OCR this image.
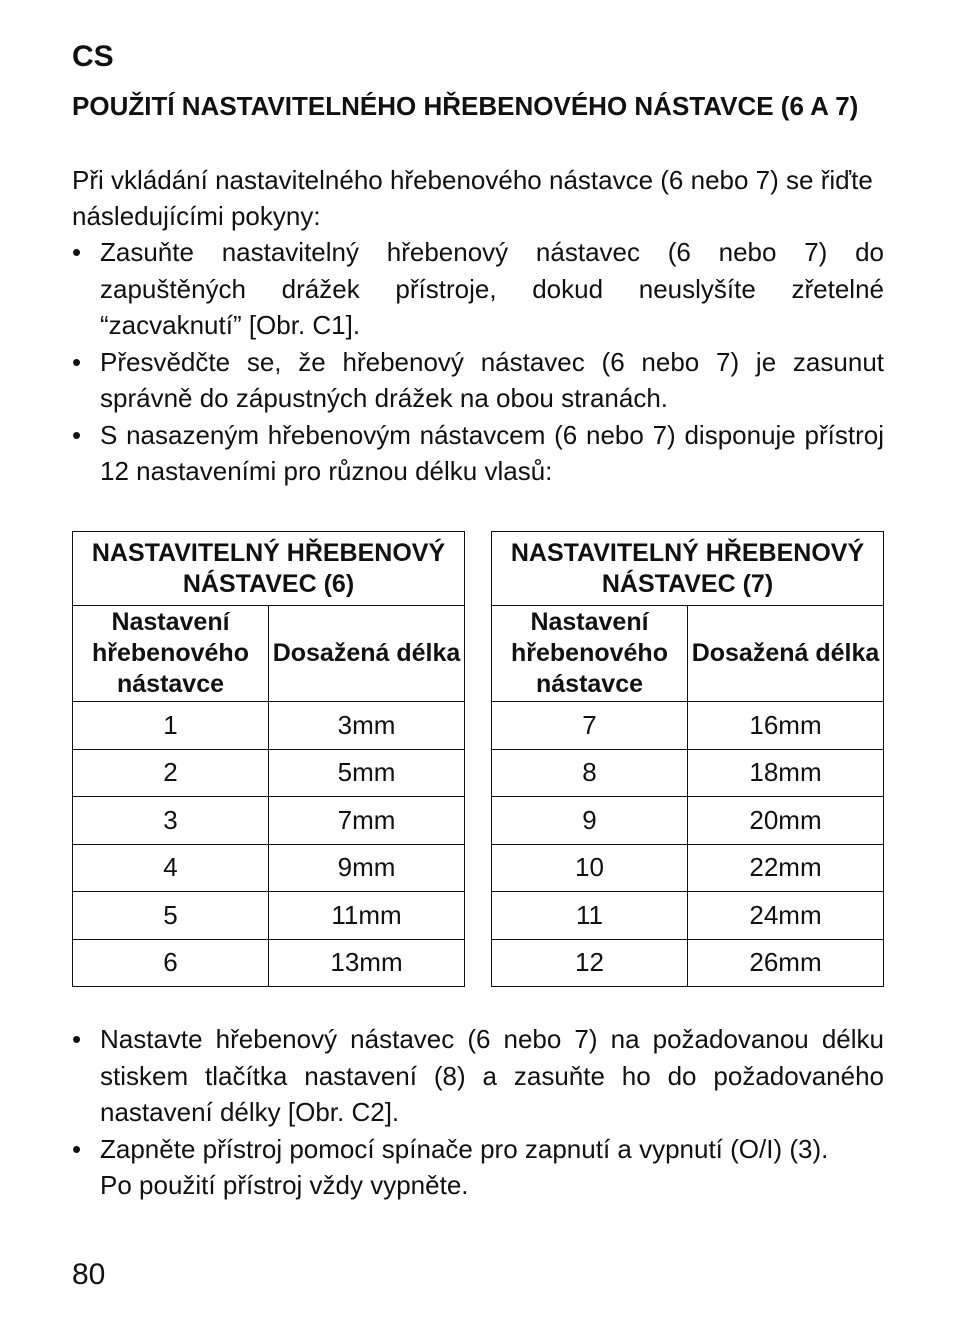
CS
POUŽITÍ NASTAVITELNÉHO HŘEBENOVÉHO NÁSTAVCE (6 A 7)
Při vkládání nastavitelného hřebenového nástavce (6 nebo 7) se řiďte následujícími pokyny:
• Zasuňte nastavitelný hřebenový nástavec (6 nebo 7) do zapuštěných drážek přístroje, dokud neuslyšíte zřetelné “zacvaknutí” [Obr. C1].
• Přesvědčte se, že hřebenový nástavec (6 nebo 7) je zasunut správně do zápustných drážek na obou stranách.
• S nasazeným hřebenovým nástavcem (6 nebo 7) disponuje přístroj 12 nastaveními pro různou délku vlasů:
NASTAVITELNÝ HŘEBENOVÝ NÁSTAVEC (6)	
Nastavení hřebenového nástavce	Dosažená délka
1	3mm
2	5mm
3	7mm
4	9mm
5	11mm
6	13mm
NASTAVITELNÝ HŘEBENOVÝ NÁSTAVEC (7)	
Nastavení hřebenového nástavce	Dosažená délka
7	16mm
8	18mm
9	20mm
10	22mm
11	24mm
12	26mm
• Nastavte hřebenový nástavec (6 nebo 7) na požadovanou délku stiskem tlačítka nastavení (8) a zasuňte ho do požadovaného nastavení délky [Obr. C2].
• Zapněte přístroj pomocí spínače pro zapnutí a vypnutí (O/I) (3).
Po použití přístroj vždy vypněte.
80
